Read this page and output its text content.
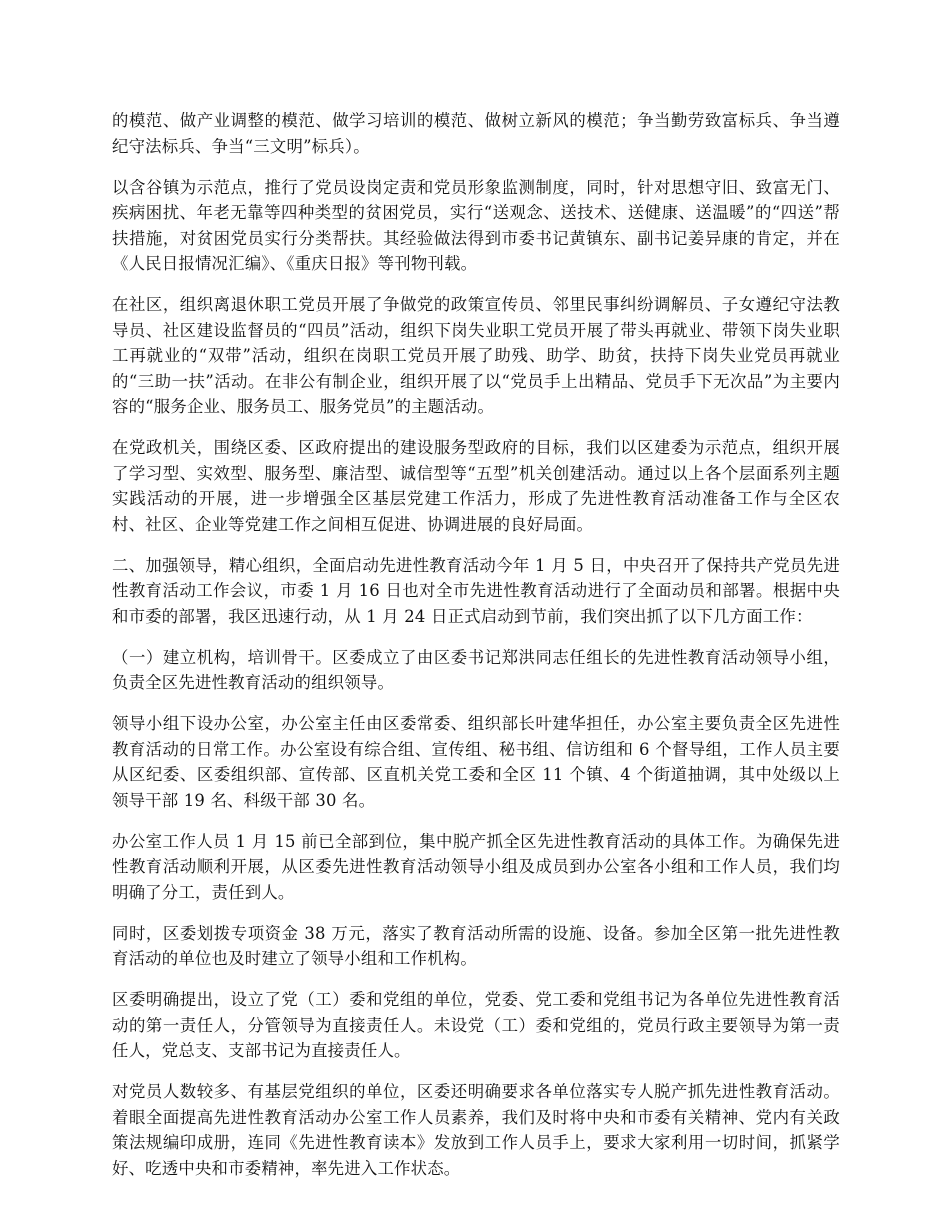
的模范、做产业调整的模范、做学习培训的模范、做树立新风的模范；争当勤劳致富标兵、争当遵纪守法标兵、争当“三文明”标兵）。

以含谷镇为示范点，推行了党员设岗定责和党员形象监测制度，同时，针对思想守旧、致富无门、疾病困扰、年老无靠等四种类型的贫困党员，实行“送观念、送技术、送健康、送温暖”的“四送”帮扶措施，对贫困党员实行分类帮扶。其经验做法得到市委书记黄镇东、副书记姜异康的肯定，并在《人民日报情况汇编》、《重庆日报》等刊物刊载。

在社区，组织离退休职工党员开展了争做党的政策宣传员、邻里民事纠纷调解员、子女遵纪守法教导员、社区建设监督员的“四员”活动，组织下岗失业职工党员开展了带头再就业、带领下岗失业职工再就业的“双带”活动，组织在岗职工党员开展了助残、助学、助贫，扶持下岗失业党员再就业的“三助一扶”活动。在非公有制企业，组织开展了以“党员手上出精品、党员手下无次品”为主要内容的“服务企业、服务员工、服务党员”的主题活动。

在党政机关，围绕区委、区政府提出的建设服务型政府的目标，我们以区建委为示范点，组织开展了学习型、实效型、服务型、廉洁型、诚信型等“五型”机关创建活动。通过以上各个层面系列主题实践活动的开展，进一步增强全区基层党建工作活力，形成了先进性教育活动准备工作与全区农村、社区、企业等党建工作之间相互促进、协调进展的良好局面。

二、加强领导，精心组织，全面启动先进性教育活动今年 1 月 5 日，中央召开了保持共产党员先进性教育活动工作会议，市委 1 月 16 日也对全市先进性教育活动进行了全面动员和部署。根据中央和市委的部署，我区迅速行动，从 1 月 24 日正式启动到节前，我们突出抓了以下几方面工作：

（一）建立机构，培训骨干。区委成立了由区委书记郑洪同志任组长的先进性教育活动领导小组，负责全区先进性教育活动的组织领导。

领导小组下设办公室，办公室主任由区委常委、组织部长叶建华担任，办公室主要负责全区先进性教育活动的日常工作。办公室设有综合组、宣传组、秘书组、信访组和 6 个督导组，工作人员主要从区纪委、区委组织部、宣传部、区直机关党工委和全区 11 个镇、4 个街道抽调，其中处级以上领导干部 19 名、科级干部 30 名。

办公室工作人员 1 月 15 前已全部到位，集中脱产抓全区先进性教育活动的具体工作。为确保先进性教育活动顺利开展，从区委先进性教育活动领导小组及成员到办公室各小组和工作人员，我们均明确了分工，责任到人。

同时，区委划拨专项资金 38 万元，落实了教育活动所需的设施、设备。参加全区第一批先进性教育活动的单位也及时建立了领导小组和工作机构。

区委明确提出，设立了党（工）委和党组的单位，党委、党工委和党组书记为各单位先进性教育活动的第一责任人，分管领导为直接责任人。未设党（工）委和党组的，党员行政主要领导为第一责任人，党总支、支部书记为直接责任人。

对党员人数较多、有基层党组织的单位，区委还明确要求各单位落实专人脱产抓先进性教育活动。着眼全面提高先进性教育活动办公室工作人员素养，我们及时将中央和市委有关精神、党内有关政策法规编印成册，连同《先进性教育读本》发放到工作人员手上，要求大家利用一切时间，抓紧学好、吃透中央和市委精神，率先进入工作状态。
